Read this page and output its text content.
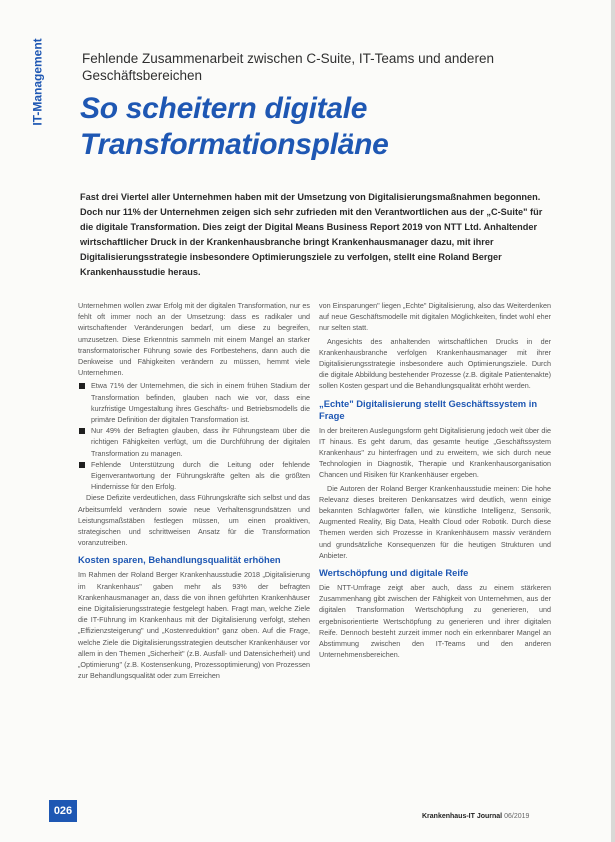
IT-Management	Fehlende Zusammenarbeit zwischen C-Suite, IT-Teams und anderen Geschäftsbereichen
So scheitern digitale Transformationspläne
Fast drei Viertel aller Unternehmen haben mit der Umsetzung von Digitalisierungsmaßnahmen begonnen. Doch nur 11% der Unternehmen zeigen sich sehr zufrieden mit den Verantwortlichen aus der „C-Suite" für die digitale Transformation. Dies zeigt der Digital Means Business Report 2019 von NTT Ltd. Anhaltender wirtschaftlicher Druck in der Krankenhausbranche bringt Krankenhausmanager dazu, mit ihrer Digitalisierungsstrategie insbesondere Optimierungsziele zu verfolgen, stellt eine Roland Berger Krankenhausstudie heraus.

Unternehmen wollen zwar Erfolg mit der digitalen Transformation, nur es fehlt oft immer noch an der Umsetzung: dass es radikaler und wirtschaftender Veränderungen bedarf, um diese zu begreifen, umzusetzen. Diese Erkenntnis sammeln mit einem Mangel an starker transformatorischer Führung sowie des Fortbestehens, dann auch die Denkweise und Fähigkeiten verändern zu müssen, hemmt viele Unternehmen.

Etwa 71% der Unternehmen, die sich in einem frühen Stadium der Transformation befinden, glauben nach wie vor, dass eine kurzfristige Umgestaltung ihres Geschäfts- und Betriebsmodells die primäre Definition der digitalen Transformation ist.
Nur 49% der Befragten glauben, dass ihr Führungsteam über die richtigen Fähigkeiten verfügt, um die Durchführung der digitalen Transformation zu managen.
Fehlende Unterstützung durch die Leitung oder fehlende Eigenverantwortung der Führungskräfte gelten als die größten Hindernisse für den Erfolg.

Diese Defizite verdeutlichen, dass Führungskräfte sich selbst und das Arbeitsumfeld verändern sowie neue Verhaltensgrundsätzen und Leistungsmaßstäben festlegen müssen, um einen proaktiven, strategischen und schrittweisen Ansatz für die Transformation voranzutreiben.

Kosten sparen, Behandlungsqualität erhöhen

Im Rahmen der Roland Berger Krankenhausstudie 2018 „Digitalisierung im Krankenhaus" gaben mehr als 93% der befragten Krankenhausmanager an, dass die von ihnen geführten Krankenhäuser eine Digitalisierungsstrategie festgelegt haben. Fragt man, welche Ziele die IT-Führung im Krankenhaus mit der Digitalisierung verfolgt, stehen „Effizienzsteigerung" und „Kostenreduktion" ganz oben. Auf die Frage, welche Ziele die Digitalisierungsstrategien deutscher Krankenhäuser vor allem in den Themen „Sicherheit" (z.B. Ausfall- und Datensicherheit) und „Optimierung" (z.B. Kostensenkung, Prozessoptimierung) von Prozessen zur Behandlungsqualität oder zum Erreichen

von Einsparungen" liegen „Echte" Digitalisierung, also das Weiterdenken auf neue Geschäftsmodelle mit digitalen Möglichkeiten, findet wohl eher nur selten statt.

Angesichts des anhaltenden wirtschaftlichen Drucks in der Krankenhausbranche verfolgen Krankenhausmanager mit ihrer Digitalisierungsstrategie insbesondere auch Optimierungsziele. Durch die digitale Abbildung bestehender Prozesse (z.B. digitale Patientenakte) sollen Kosten gespart und die Behandlungsqualität erhöht werden.

„Echte" Digitalisierung stellt Geschäftssystem in Frage

In der breiteren Auslegungsform geht Digitalisierung jedoch weit über die IT hinaus. Es geht darum, das gesamte heutige „Geschäftssystem Krankenhaus" zu hinterfragen und zu erweitern, wie sich durch neue Technologien in Diagnostik, Therapie und Krankenhausorganisation Chancen und Risiken für Krankenhäuser ergeben.

Die Autoren der Roland Berger Krankenhausstudie meinen: Die hohe Relevanz dieses breiteren Denkansatzes wird deutlich, wenn einige bekannten Schlagwörter fallen, wie künstliche Intelligenz, Sensorik, Augmented Reality, Big Data, Health Cloud oder Robotik. Durch diese Themen werden sich Prozesse in Krankenhäusern massiv verändern und grundsätzliche Konsequenzen für die heutigen Strukturen und Anbieter.

Wertschöpfung und digitale Reife

Die NTT-Umfrage zeigt aber auch, dass zu einem stärkeren Zusammenhang gibt zwischen der Fähigkeit von Unternehmen, aus der digitalen Transformation Wertschöpfung zu generieren, und ergebnisorientierte Wertschöpfung zu generieren und ihrer digitalen Reife. Dennoch besteht zurzeit immer noch ein erkennbarer Mangel an Abstimmung zwischen den IT-Teams und den anderen Unternehmensbereichen.

026	Krankenhaus-IT Journal 06/2019
